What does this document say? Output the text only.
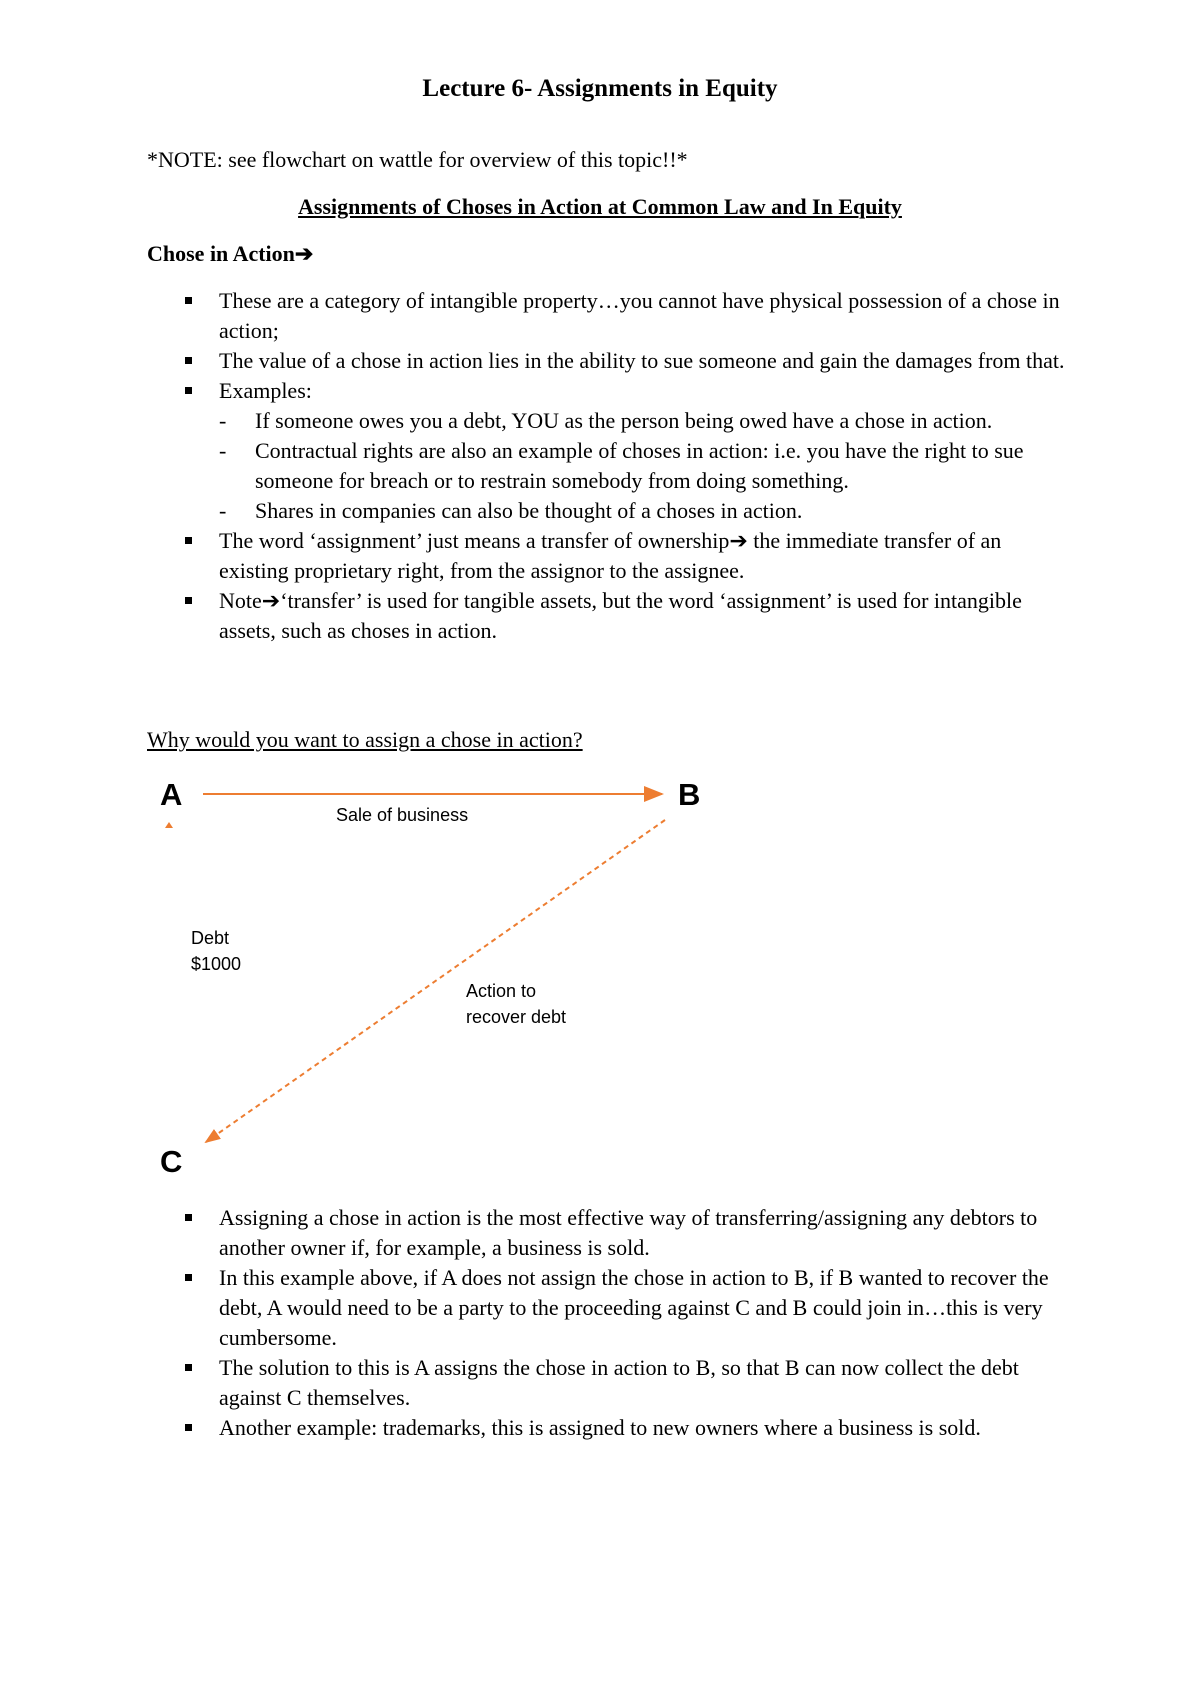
Lecture 6- Assignments in Equity
*NOTE: see flowchart on wattle for overview of this topic!!*
Assignments of Choses in Action at Common Law and In Equity
Chose in Action➔
These are a category of intangible property…you cannot have physical possession of a chose in action;
The value of a chose in action lies in the ability to sue someone and gain the damages from that.
Examples:
- If someone owes you a debt, YOU as the person being owed have a chose in action.
- Contractual rights are also an example of choses in action: i.e. you have the right to sue someone for breach or to restrain somebody from doing something.
- Shares in companies can also be thought of a choses in action.
The word ‘assignment’ just means a transfer of ownership➔ the immediate transfer of an existing proprietary right, from the assignor to the assignee.
Note➔‘transfer’ is used for tangible assets, but the word ‘assignment’ is used for intangible assets, such as choses in action.
Why would you want to assign a chose in action?
A	B
C
Sale of business
Debt
$1000
Action to
recover debt
Assigning a chose in action is the most effective way of transferring/assigning any debtors to another owner if, for example, a business is sold.
In this example above, if A does not assign the chose in action to B, if B wanted to recover the debt, A would need to be a party to the proceeding against C and B could join in…this is very cumbersome.
The solution to this is A assigns the chose in action to B, so that B can now collect the debt against C themselves.
Another example: trademarks, this is assigned to new owners where a business is sold.
